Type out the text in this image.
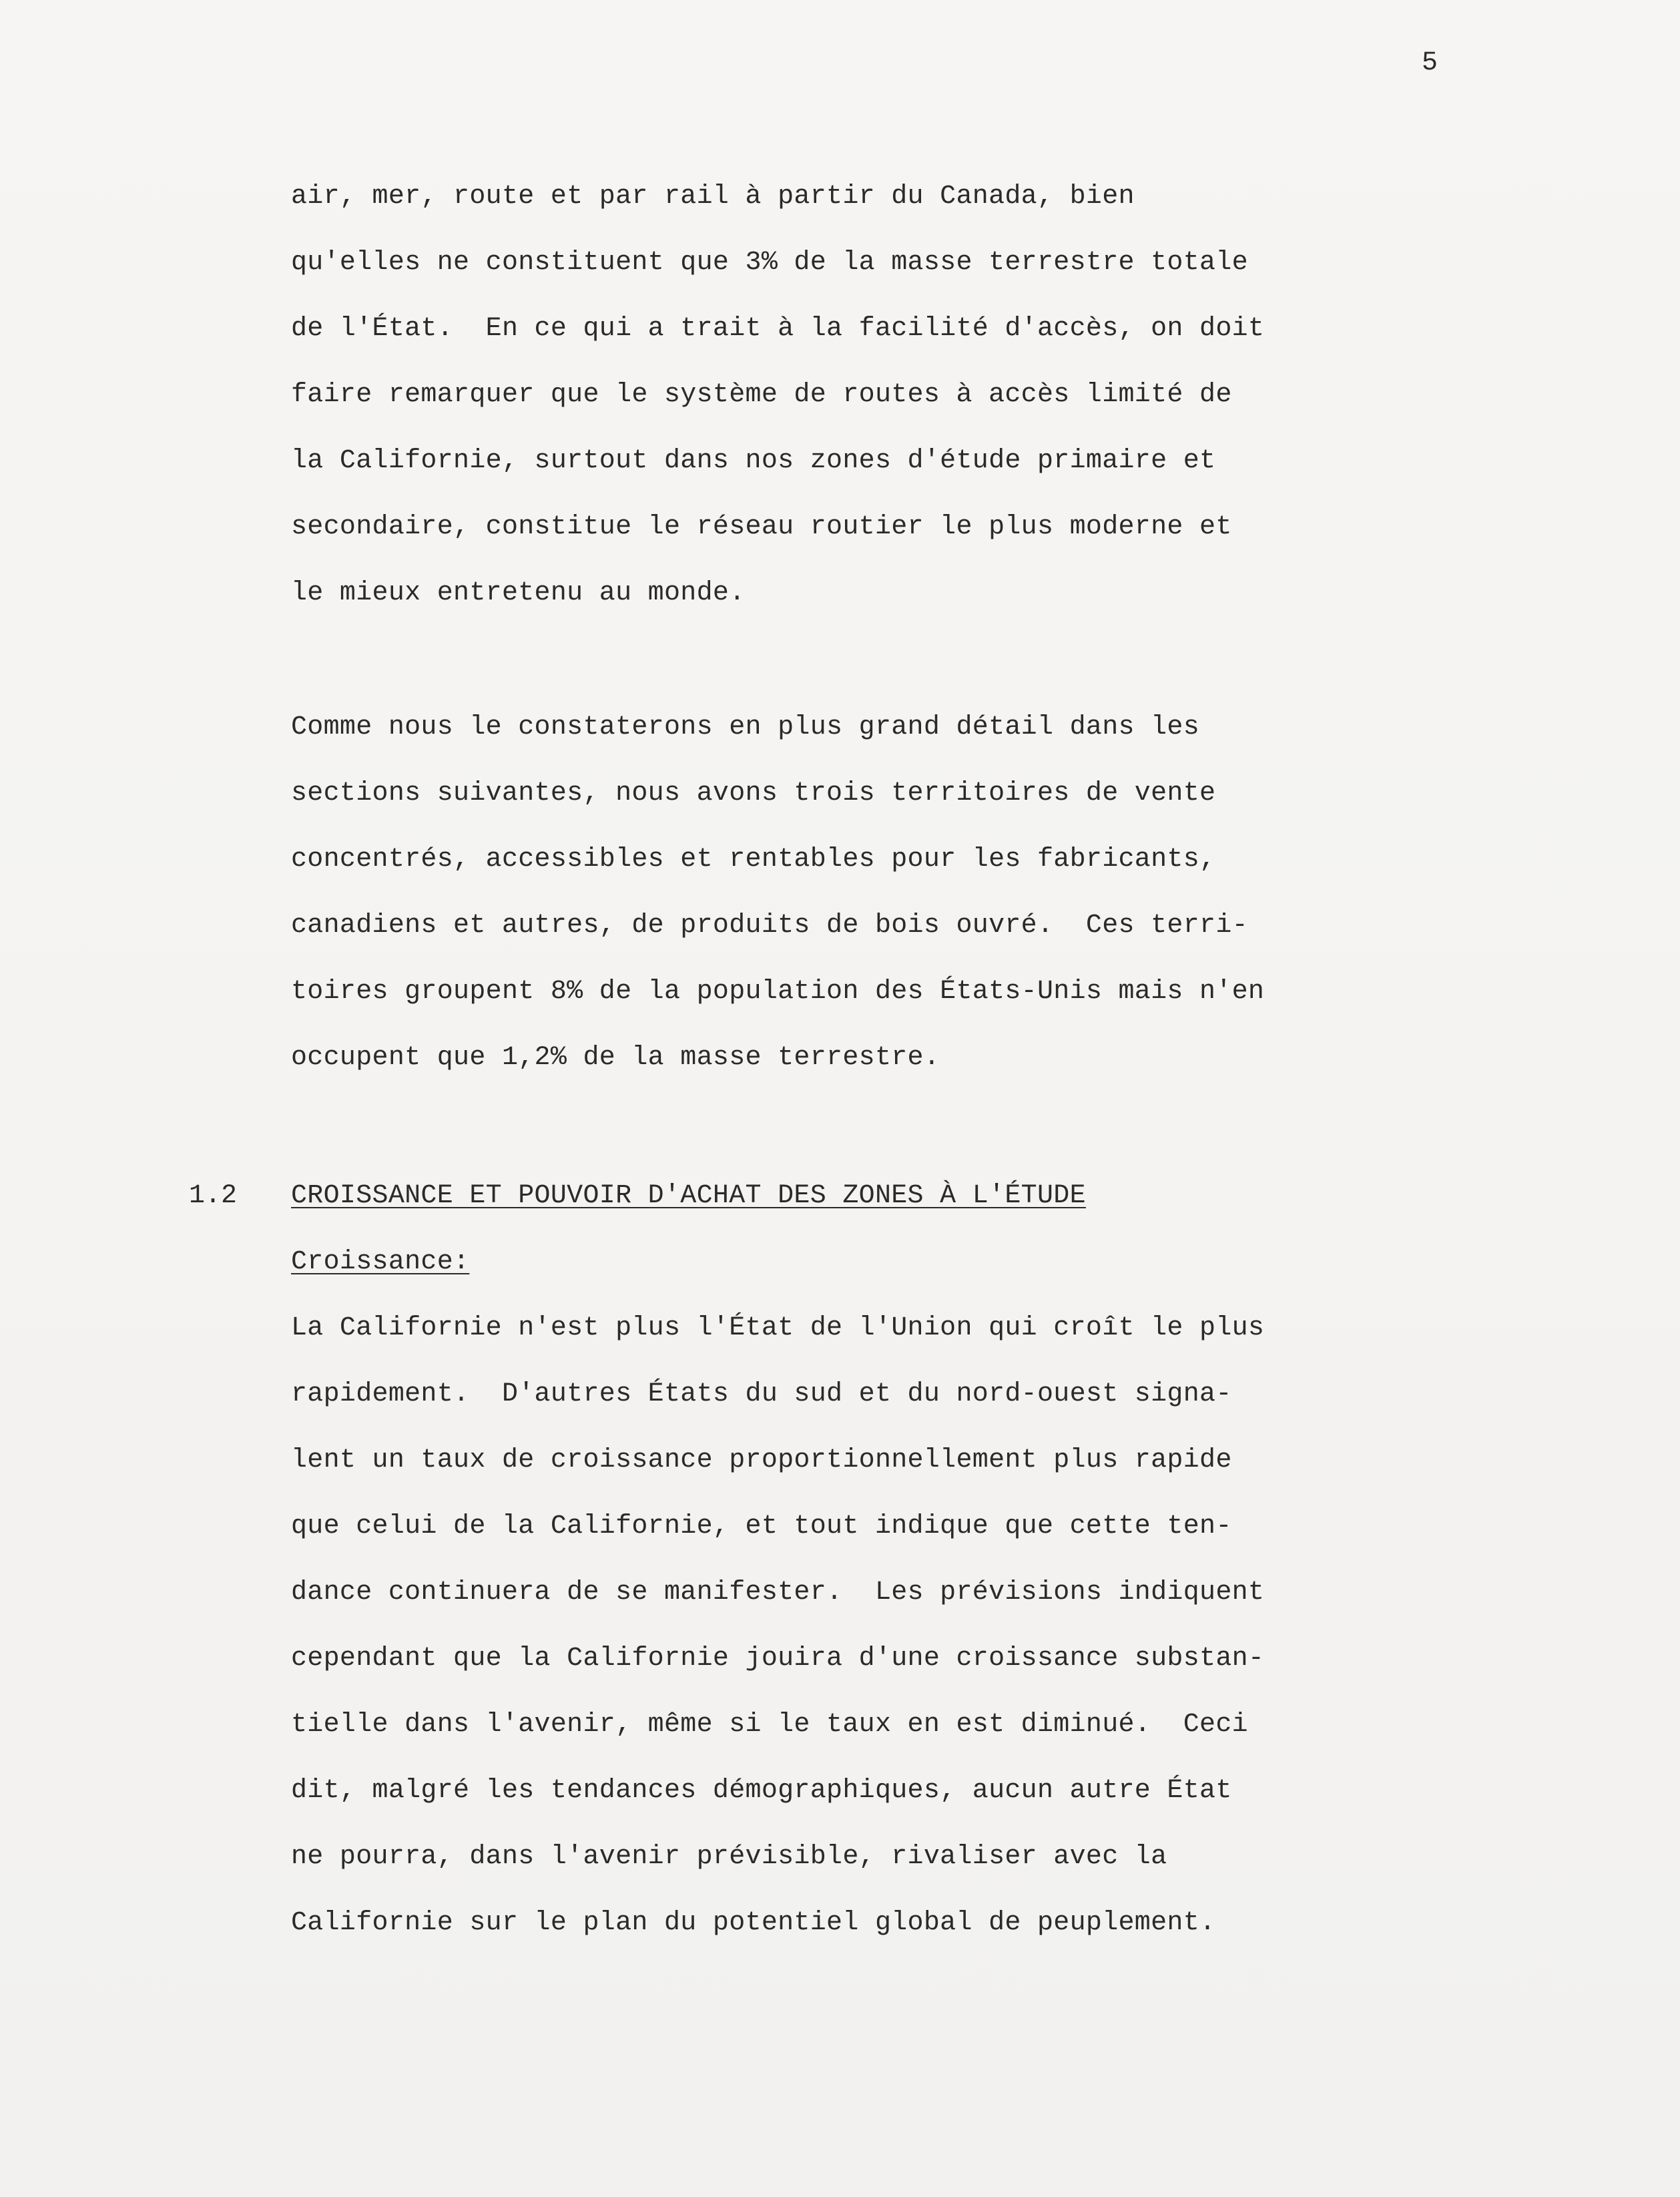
5
air, mer, route et par rail à partir du Canada, bien
qu'elles ne constituent que 3% de la masse terrestre totale
de l'État.  En ce qui a trait à la facilité d'accès, on doit
faire remarquer que le système de routes à accès limité de
la Californie, surtout dans nos zones d'étude primaire et
secondaire, constitue le réseau routier le plus moderne et
le mieux entretenu au monde.
Comme nous le constaterons en plus grand détail dans les
sections suivantes, nous avons trois territoires de vente
concentrés, accessibles et rentables pour les fabricants,
canadiens et autres, de produits de bois ouvré.  Ces terri-
toires groupent 8% de la population des États-Unis mais n'en
occupent que 1,2% de la masse terrestre.
1.2 CROISSANCE ET POUVOIR D'ACHAT DES ZONES À L'ÉTUDE
Croissance:
La Californie n'est plus l'État de l'Union qui croît le plus
rapidement.  D'autres États du sud et du nord-ouest signa-
lent un taux de croissance proportionnellement plus rapide
que celui de la Californie, et tout indique que cette ten-
dance continuera de se manifester.  Les prévisions indiquent
cependant que la Californie jouira d'une croissance substan-
tielle dans l'avenir, même si le taux en est diminué.  Ceci
dit, malgré les tendances démographiques, aucun autre État
ne pourra, dans l'avenir prévisible, rivaliser avec la
Californie sur le plan du potentiel global de peuplement.
